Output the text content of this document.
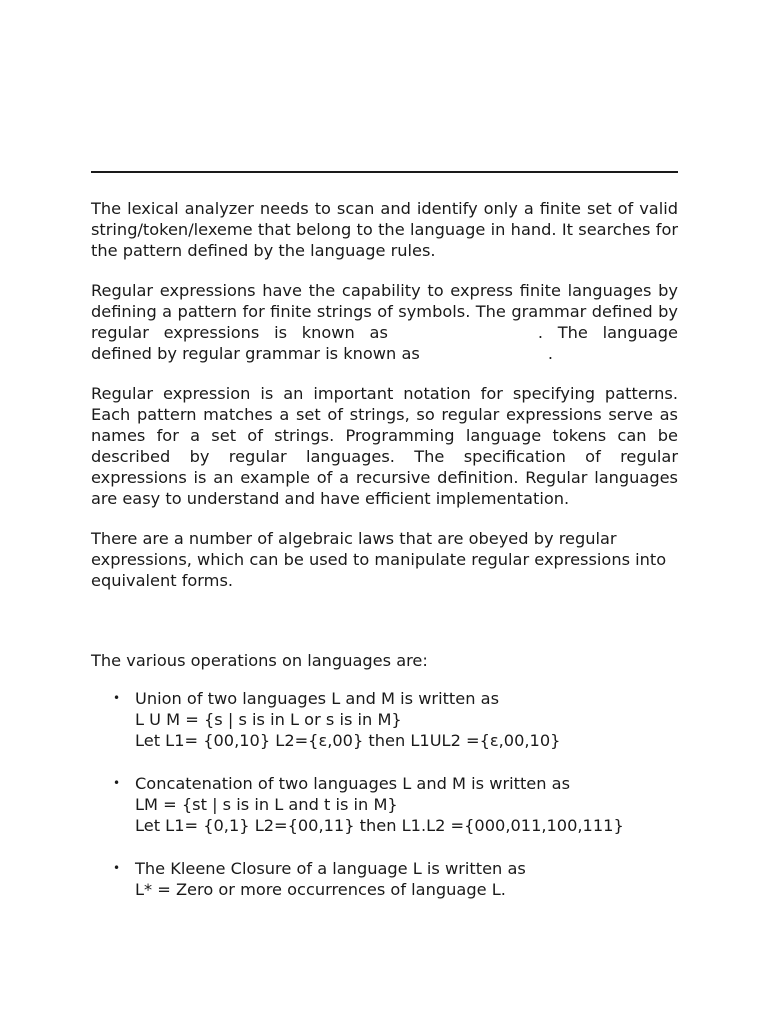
The lexical analyzer needs to scan and identify only a finite set of valid string/token/lexeme that belong to the language in hand. It searches for the pattern defined by the language rules.

Regular expressions have the capability to express finite languages by defining a pattern for finite strings of symbols. The grammar defined by regular expressions is known as	. The language defined by regular grammar is known as	.

Regular expression is an important notation for specifying patterns. Each pattern matches a set of strings, so regular expressions serve as names for a set of strings. Programming language tokens can be described by regular languages. The specification of regular expressions is an example of a recursive definition. Regular languages are easy to understand and have efficient implementation.

There are a number of algebraic laws that are obeyed by regular expressions, which can be used to manipulate regular expressions into equivalent forms.

The various operations on languages are:

• Union of two languages L and M is written as
L U M = {s | s is in L or s is in M}
Let L1= {00,10} L2={ε,00} then L1UL2 ={ε,00,10}
• Concatenation of two languages L and M is written as
LM = {st | s is in L and t is in M}
Let L1= {0,1} L2={00,11} then L1.L2 ={000,011,100,111}
• The Kleene Closure of a language L is written as
L* = Zero or more occurrences of language L.
